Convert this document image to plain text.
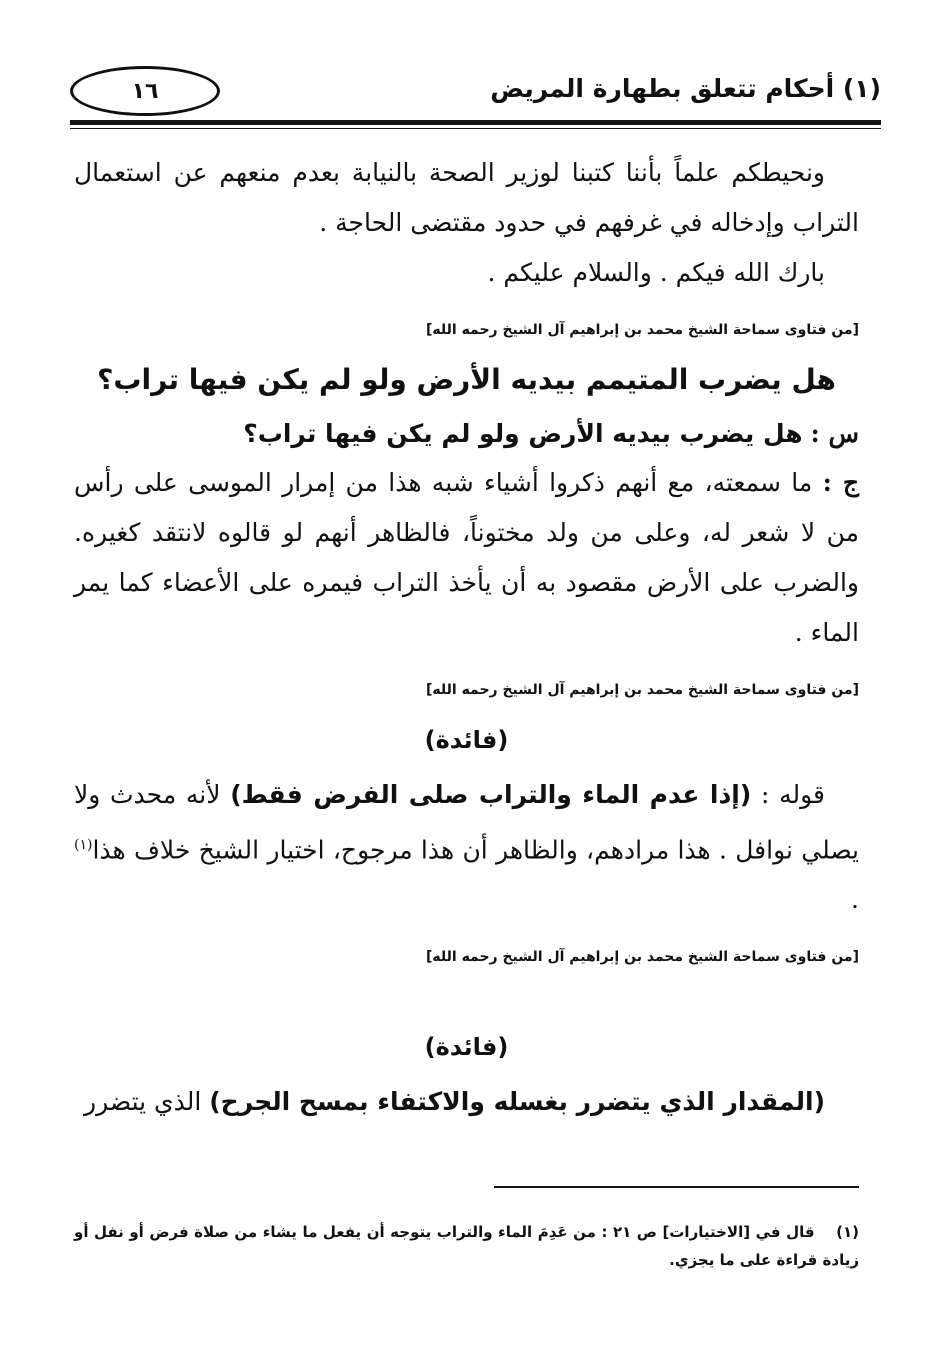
(١) أحكام تتعلق بطهارة المريض
١٦

ونحيطكم علماً بأننا كتبنا لوزير الصحة بالنيابة بعدم منعهم عن استعمال التراب وإدخاله في غرفهم في حدود مقتضى الحاجة .

بارك الله فيكم . والسلام عليكم .

[من فتاوى سماحة الشيخ محمد بن إبراهيم آل الشيخ رحمه الله]
هل يضرب المتيمم بيديه الأرض ولو لم يكن فيها تراب؟

س : هل يضرب بيديه الأرض ولو لم يكن فيها تراب؟

ج : ما سمعته، مع أنهم ذكروا أشياء شبه هذا من إمرار الموسى على رأس من لا شعر له، وعلى من ولد مختوناً، فالظاهر أنهم لو قالوه لانتقد كغيره. والضرب على الأرض مقصود به أن يأخذ التراب فيمره على الأعضاء كما يمر الماء .

[من فتاوى سماحة الشيخ محمد بن إبراهيم آل الشيخ رحمه الله]
(فائدة)

قوله : (إذا عدم الماء والتراب صلى الفرض فقط) لأنه محدث ولا يصلي نوافل . هذا مرادهم، والظاهر أن هذا مرجوح، اختيار الشيخ خلاف هذا$^{(١)}$ .

[من فتاوى سماحة الشيخ محمد بن إبراهيم آل الشيخ رحمه الله]
(فائدة)

(المقدار الذي يتضرر بغسله والاكتفاء بمسح الجرح) الذي يتضرر

(١) قال في [الاختيارات] ص ٢١ : من عَدِمَ الماء والتراب يتوجه أن يفعل ما يشاء من صلاة فرض أو نفل أو زيادة قراءة على ما يجزي.
